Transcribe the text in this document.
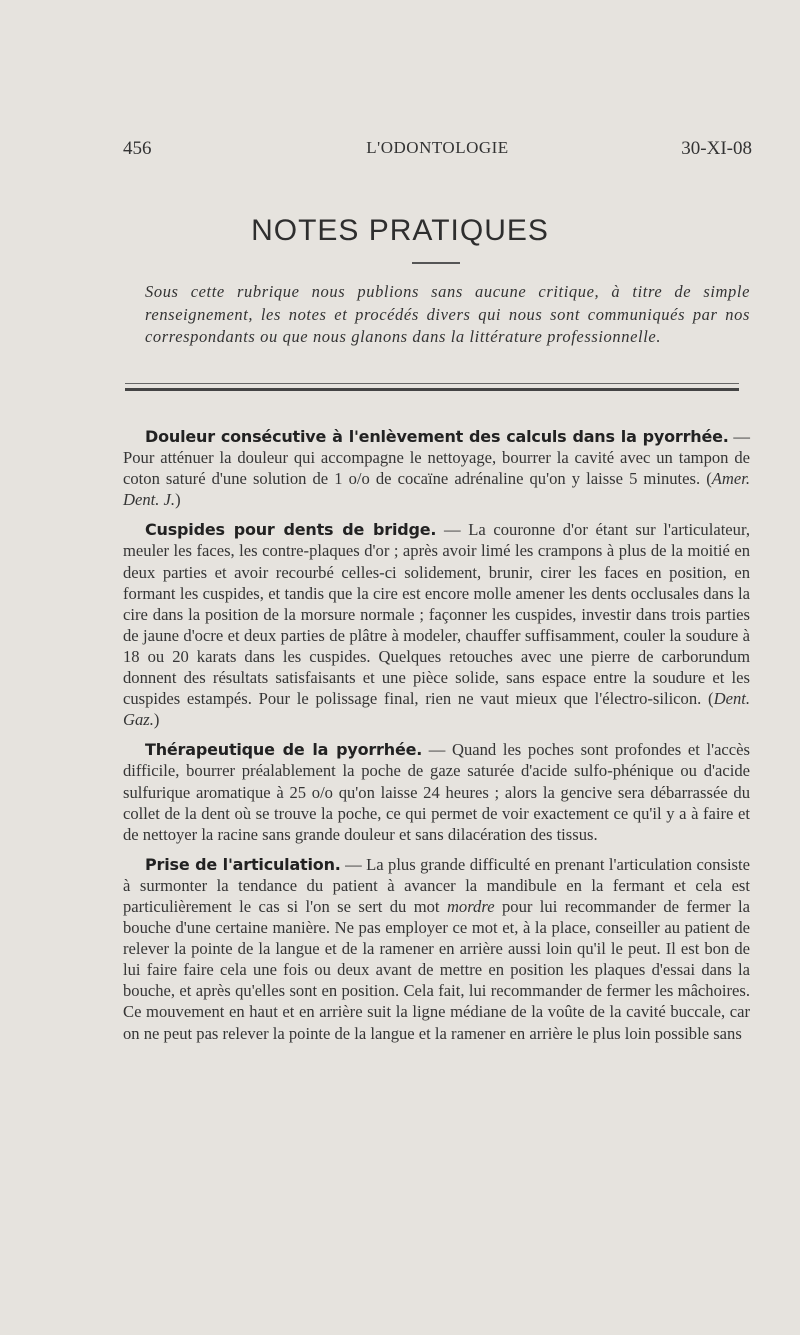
456	L'ODONTOLOGIE	30-XI-08
NOTES PRATIQUES
Sous cette rubrique nous publions sans aucune critique, à titre de simple renseignement, les notes et procédés divers qui nous sont communiqués par nos correspondants ou que nous glanons dans la littérature professionnelle.

Douleur consécutive à l'enlèvement des calculs dans la pyorrhée. — Pour atténuer la douleur qui accompagne le nettoyage, bourrer la cavité avec un tampon de coton saturé d'une solution de 1 o/o de cocaïne adrénaline qu'on y laisse 5 minutes. (Amer. Dent. J.)

Cuspides pour dents de bridge. — La couronne d'or étant sur l'articulateur, meuler les faces, les contre-plaques d'or ; après avoir limé les crampons à plus de la moitié en deux parties et avoir recourbé celles-ci solidement, brunir, cirer les faces en position, en formant les cuspides, et tandis que la cire est encore molle amener les dents occlusales dans la cire dans la position de la morsure normale ; façonner les cuspides, investir dans trois parties de jaune d'ocre et deux parties de plâtre à modeler, chauffer suffisamment, couler la soudure à 18 ou 20 karats dans les cuspides. Quelques retouches avec une pierre de carborundum donnent des résultats satisfaisants et une pièce solide, sans espace entre la soudure et les cuspides estampés. Pour le polissage final, rien ne vaut mieux que l'électro-silicon. (Dent. Gaz.)

Thérapeutique de la pyorrhée. — Quand les poches sont profondes et l'accès difficile, bourrer préalablement la poche de gaze saturée d'acide sulfo-phénique ou d'acide sulfurique aromatique à 25 o/o qu'on laisse 24 heures ; alors la gencive sera débarrassée du collet de la dent où se trouve la poche, ce qui permet de voir exactement ce qu'il y a à faire et de nettoyer la racine sans grande douleur et sans dilacération des tissus.

Prise de l'articulation. — La plus grande difficulté en prenant l'articulation consiste à surmonter la tendance du patient à avancer la mandibule en la fermant et cela est particulièrement le cas si l'on se sert du mot mordre pour lui recommander de fermer la bouche d'une certaine manière. Ne pas employer ce mot et, à la place, conseiller au patient de relever la pointe de la langue et de la ramener en arrière aussi loin qu'il le peut. Il est bon de lui faire faire cela une fois ou deux avant de mettre en position les plaques d'essai dans la bouche, et après qu'elles sont en position. Cela fait, lui recommander de fermer les mâchoires. Ce mouvement en haut et en arrière suit la ligne médiane de la voûte de la cavité buccale, car on ne peut pas relever la pointe de la langue et la ramener en arrière le plus loin possible sans
